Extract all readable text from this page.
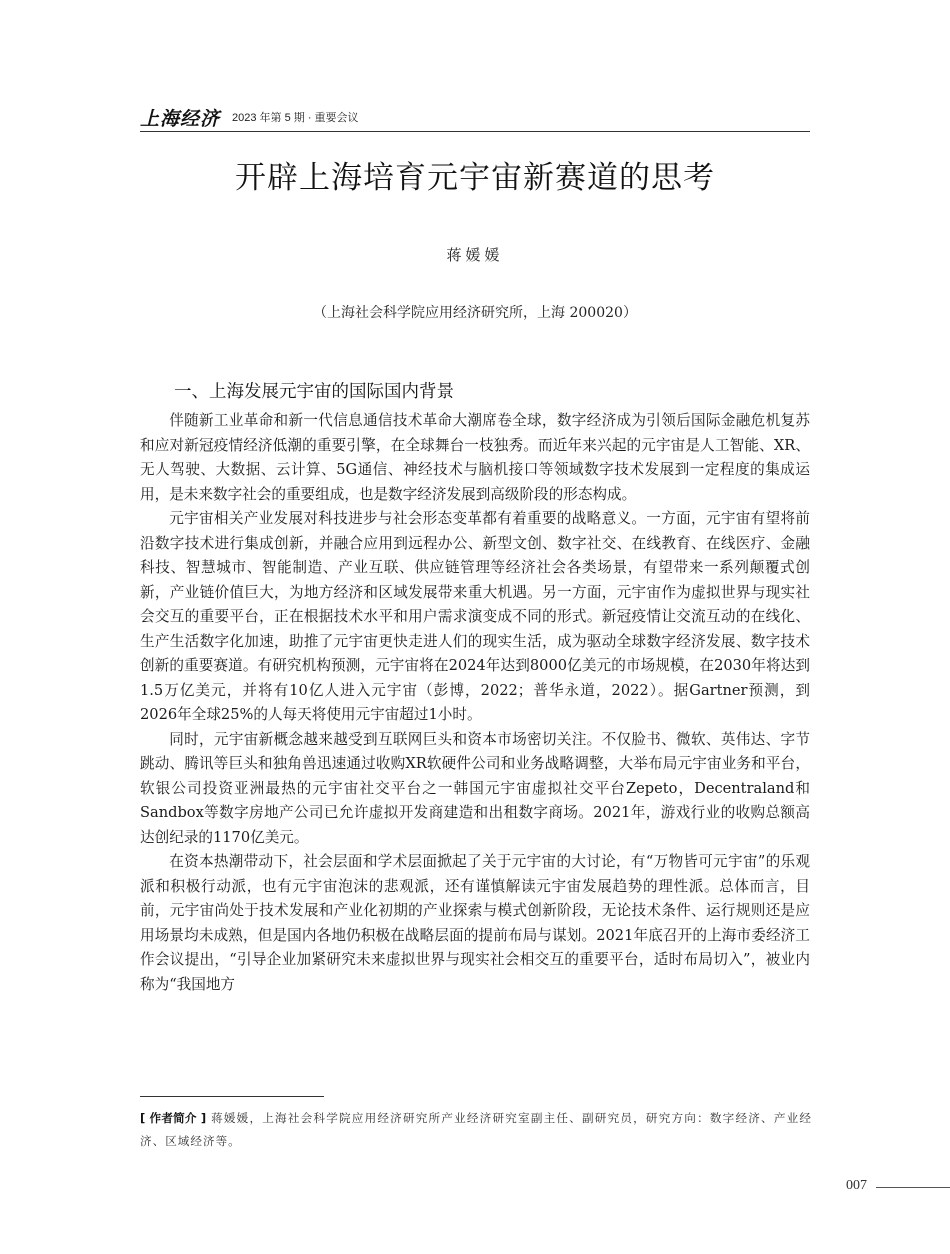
上海经济 2023 年第 5 期 · 重要会议
开辟上海培育元宇宙新赛道的思考
蒋媛媛
（上海社会科学院应用经济研究所，上海 200020）
一、上海发展元宇宙的国际国内背景

伴随新工业革命和新一代信息通信技术革命大潮席卷全球，数字经济成为引领后国际金融危机复苏和应对新冠疫情经济低潮的重要引擎，在全球舞台一枝独秀。而近年来兴起的元宇宙是人工智能、XR、无人驾驶、大数据、云计算、5G通信、神经技术与脑机接口等领域数字技术发展到一定程度的集成运用，是未来数字社会的重要组成，也是数字经济发展到高级阶段的形态构成。

元宇宙相关产业发展对科技进步与社会形态变革都有着重要的战略意义。一方面，元宇宙有望将前沿数字技术进行集成创新，并融合应用到远程办公、新型文创、数字社交、在线教育、在线医疗、金融科技、智慧城市、智能制造、产业互联、供应链管理等经济社会各类场景，有望带来一系列颠覆式创新，产业链价值巨大，为地方经济和区域发展带来重大机遇。另一方面，元宇宙作为虚拟世界与现实社会交互的重要平台，正在根据技术水平和用户需求演变成不同的形式。新冠疫情让交流互动的在线化、生产生活数字化加速，助推了元宇宙更快走进人们的现实生活，成为驱动全球数字经济发展、数字技术创新的重要赛道。有研究机构预测，元宇宙将在2024年达到8000亿美元的市场规模，在2030年将达到1.5万亿美元，并将有10亿人进入元宇宙（彭博，2022；普华永道，2022）。据Gartner预测，到2026年全球25%的人每天将使用元宇宙超过1小时。

同时，元宇宙新概念越来越受到互联网巨头和资本市场密切关注。不仅脸书、微软、英伟达、字节跳动、腾讯等巨头和独角兽迅速通过收购XR软硬件公司和业务战略调整，大举布局元宇宙业务和平台，软银公司投资亚洲最热的元宇宙社交平台之一韩国元宇宙虚拟社交平台Zepeto，Decentraland和Sandbox等数字房地产公司已允许虚拟开发商建造和出租数字商场。2021年，游戏行业的收购总额高达创纪录的1170亿美元。

在资本热潮带动下，社会层面和学术层面掀起了关于元宇宙的大讨论，有“万物皆可元宇宙”的乐观派和积极行动派，也有元宇宙泡沫的悲观派，还有谨慎解读元宇宙发展趋势的理性派。总体而言，目前，元宇宙尚处于技术发展和产业化初期的产业探索与模式创新阶段，无论技术条件、运行规则还是应用场景均未成熟，但是国内各地仍积极在战略层面的提前布局与谋划。2021年底召开的上海市委经济工作会议提出，“引导企业加紧研究未来虚拟世界与现实社会相交互的重要平台，适时布局切入”，被业内称为“我国地方

[ 作者简介 ] 蒋媛媛，上海社会科学院应用经济研究所产业经济研究室副主任、副研究员，研究方向：数字经济、产业经济、区域经济等。
007
